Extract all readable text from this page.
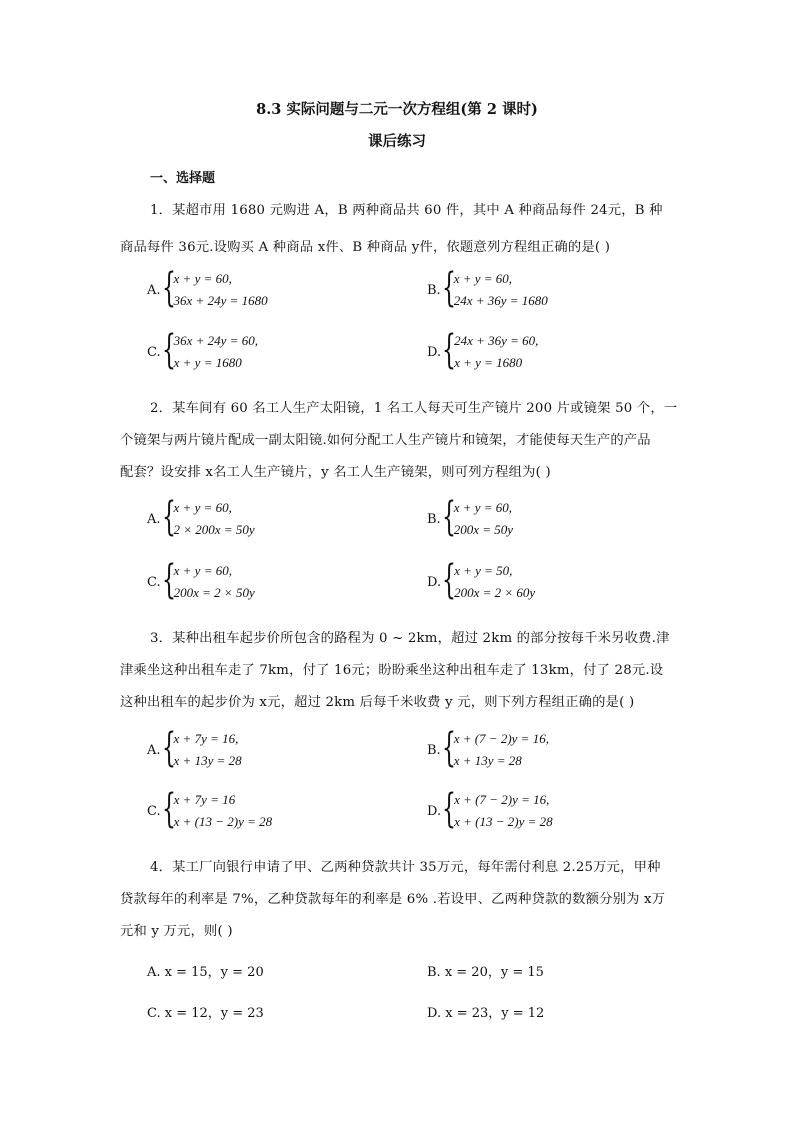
8.3 实际问题与二元一次方程组(第 2 课时)
课后练习
一、选择题
1．某超市用 1680 元购进 A，B 两种商品共 60 件，其中 A 种商品每件 24元，B 种
商品每件 36元.设购买 A 种商品 x件、B 种商品 y件，依题意列方程组正确的是( )
A. {
x + y = 60,
36x + 24y = 1680
B. {
x + y = 60,
24x + 36y = 1680
C. {
36x + 24y = 60,
x + y = 1680
D. {
24x + 36y = 60,
x + y = 1680
2．某车间有 60 名工人生产太阳镜，1 名工人每天可生产镜片 200 片或镜架 50 个，一
个镜架与两片镜片配成一副太阳镜.如何分配工人生产镜片和镜架，才能使每天生产的产品
配套？设安排 x名工人生产镜片，y 名工人生产镜架，则可列方程组为( )
A. {
x + y = 60,
2 × 200x = 50y
B. {
x + y = 60,
200x = 50y
C. {
x + y = 60,
200x = 2 × 50y
D. {
x + y = 50,
200x = 2 × 60y
3．某种出租车起步价所包含的路程为 0 ~ 2km，超过 2km 的部分按每千米另收费.津
津乘坐这种出租车走了 7km，付了 16元；盼盼乘坐这种出租车走了 13km，付了 28元.设
这种出租车的起步价为 x元，超过 2km 后每千米收费 y 元，则下列方程组正确的是( )
A. {
x + 7y = 16,
x + 13y = 28
B. {
x + (7 − 2)y = 16,
x + 13y = 28
C. {
x + 7y = 16
x + (13 − 2)y = 28
D. {
x + (7 − 2)y = 16,
x + (13 − 2)y = 28
4．某工厂向银行申请了甲、乙两种贷款共计 35万元，每年需付利息 2.25万元，甲种
贷款每年的利率是 7%，乙种贷款每年的利率是 6% .若设甲、乙两种贷款的数额分别为 x万
元和 y 万元，则( )
A. x = 15，y = 20	B. x = 20，y = 15
C. x = 12，y = 23	D. x = 23，y = 12
